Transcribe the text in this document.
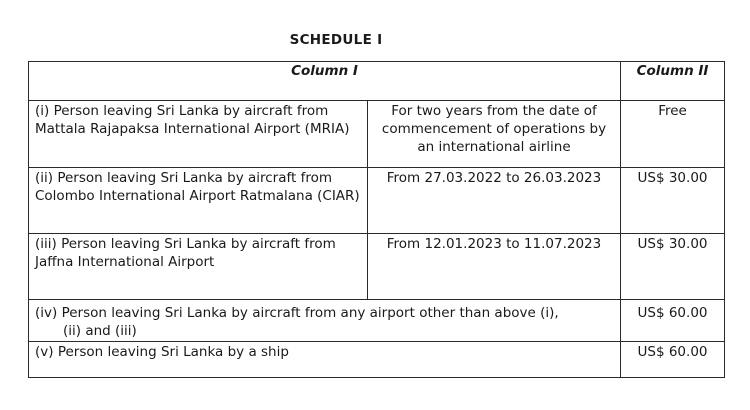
SCHEDULE I
Column I		Column II
(i) Person leaving Sri Lanka by aircraft from Mattala Rajapaksa International Airport (MRIA)	For two years from the date of commencement of operations by an international airline	Free
(ii) Person leaving Sri Lanka by aircraft from Colombo International Airport Ratmalana (CIAR)	From 27.03.2022 to 26.03.2023	US$ 30.00
(iii) Person leaving Sri Lanka by aircraft from Jaffna International Airport	From 12.01.2023 to 11.07.2023	US$ 30.00
(iv) Person leaving Sri Lanka by aircraft from any airport other than above (i),
(ii) and (iii)		US$ 60.00
(v) Person leaving Sri Lanka by a ship		US$ 60.00
